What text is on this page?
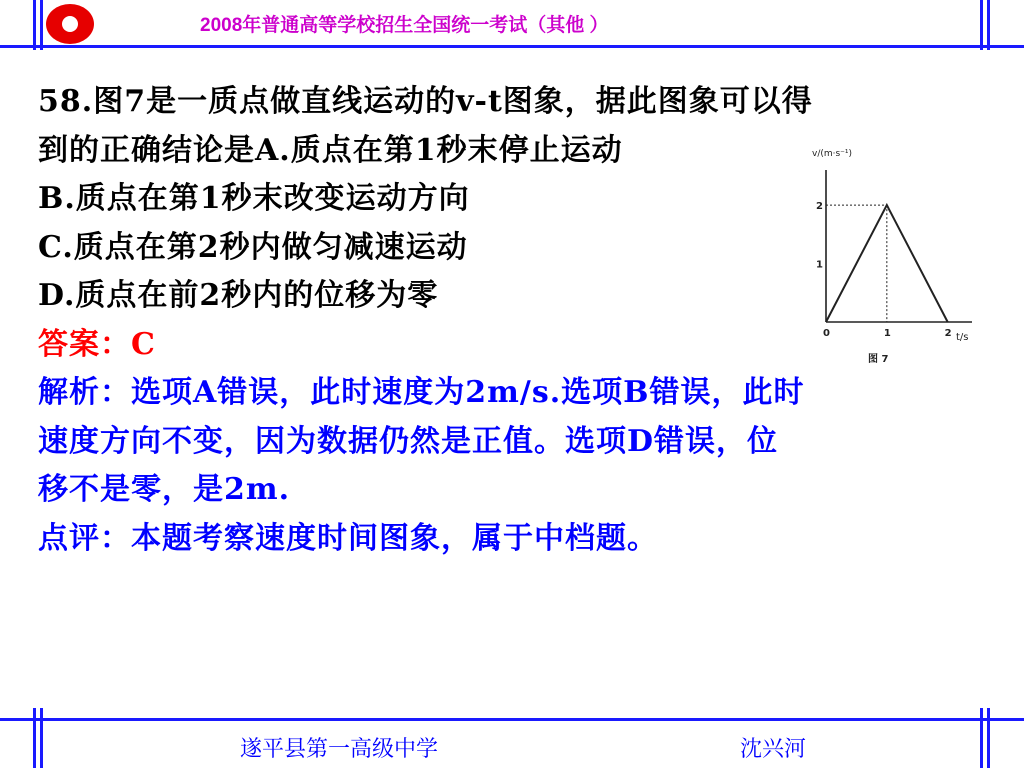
2008年普通高等学校招生全国统一考试（其他 ）
58.图7是一质点做直线运动的v-t图象，据此图象可以得
到的正确结论是A.质点在第1秒末停止运动
B.质点在第1秒末改变运动方向
C.质点在第2秒内做匀减速运动
D.质点在前2秒内的位移为零
答案：C
解析：选项A错误，此时速度为2m/s.选项B错误，此时
速度方向不变，因为数据仍然是正值。选项D错误，位
移不是零，是2m.
点评：本题考察速度时间图象，属于中档题。
v/(m·s⁻¹)
0	1	2
1
2
t/s
图 7
遂平县第一高级中学	沈兴河
